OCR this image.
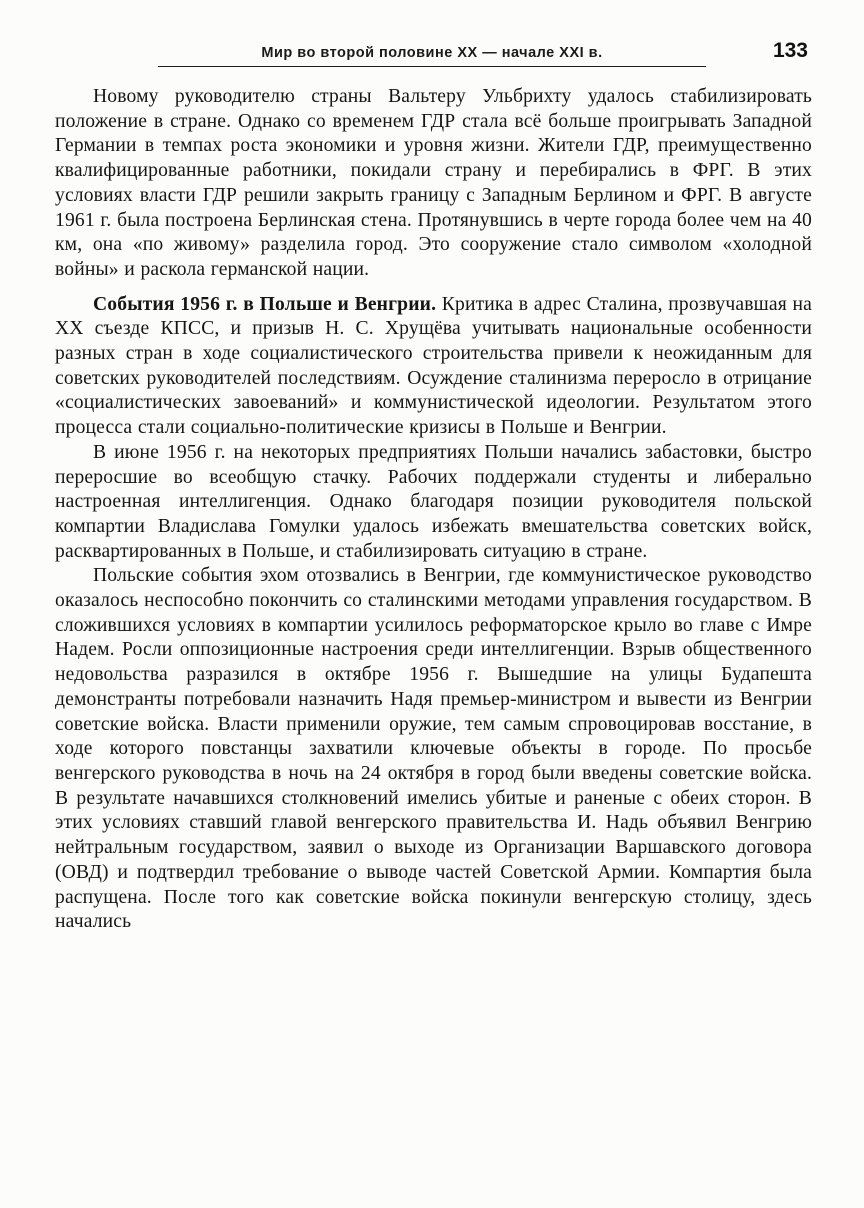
Мир во второй половине XX — начале XXI в.	133

Новому руководителю страны Вальтеру Ульбрихту удалось стабилизировать положение в стране. Однако со временем ГДР стала всё больше проигрывать Западной Германии в темпах роста экономики и уровня жизни. Жители ГДР, преимущественно квалифицированные работники, покидали страну и перебирались в ФРГ. В этих условиях власти ГДР решили закрыть границу с Западным Берлином и ФРГ. В августе 1961 г. была построена Берлинская стена. Протянувшись в черте города более чем на 40 км, она «по живому» разделила город. Это сооружение стало символом «холодной войны» и раскола германской нации.

События 1956 г. в Польше и Венгрии. Критика в адрес Сталина, прозвучавшая на XX съезде КПСС, и призыв Н. С. Хрущёва учитывать национальные особенности разных стран в ходе социалистического строительства привели к неожиданным для советских руководителей последствиям. Осуждение сталинизма переросло в отрицание «социалистических завоеваний» и коммунистической идеологии. Результатом этого процесса стали социально-политические кризисы в Польше и Венгрии.

В июне 1956 г. на некоторых предприятиях Польши начались забастовки, быстро переросшие во всеобщую стачку. Рабочих поддержали студенты и либерально настроенная интеллигенция. Однако благодаря позиции руководителя польской компартии Владислава Гомулки удалось избежать вмешательства советских войск, расквартированных в Польше, и стабилизировать ситуацию в стране.

Польские события эхом отозвались в Венгрии, где коммунистическое руководство оказалось неспособно покончить со сталинскими методами управления государством. В сложившихся условиях в компартии усилилось реформаторское крыло во главе с Имре Надем. Росли оппозиционные настроения среди интеллигенции. Взрыв общественного недовольства разразился в октябре 1956 г. Вышедшие на улицы Будапешта демонстранты потребовали назначить Надя премьер-министром и вывести из Венгрии советские войска. Власти применили оружие, тем самым спровоцировав восстание, в ходе которого повстанцы захватили ключевые объекты в городе. По просьбе венгерского руководства в ночь на 24 октября в город были введены советские войска. В результате начавшихся столкновений имелись убитые и раненые с обеих сторон. В этих условиях ставший главой венгерского правительства И. Надь объявил Венгрию нейтральным государством, заявил о выходе из Организации Варшавского договора (ОВД) и подтвердил требование о выводе частей Советской Армии. Компартия была распущена. После того как советские войска покинули венгерскую столицу, здесь начались
